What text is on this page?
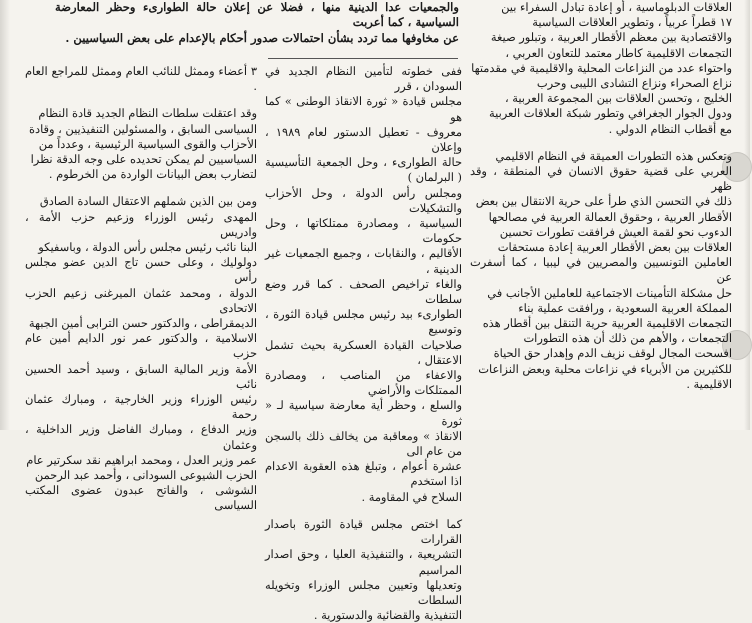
والجمعيات عدا الدينية منها ، فضلا عن إعلان حالة الطوارىء وحظر المعارضة السياسية ، كما أعربت
عن مخاوفها مما تردد بشأن احتمالات صدور أحكام بالإعدام على بعض السياسيين .

العلاقات الدبلوماسية ، أو إعادة تبادل السفراء بين
١٧ قطراً عربياً ، وتطوير العلاقات السياسية
والاقتصادية بين معظم الأقطار العربية ، وتبلور صيغة
التجمعات الاقليمية كاطار معتمد للتعاون العربي ،
واحتواء عدد من النزاعات المحلية والاقليمية في مقدمتها
نزاع الصحراء ونزاع التشادى الليبى وحرب
الخليج ، وتحسن العلاقات بين المجموعة العربية ،
ودول الجوار الجغرافي وتطور شبكة العلاقات العربية
مع أقطاب النظام الدولي .

وتعكس هذه التطورات العميقة في النظام الاقليمي
العربي على قضية حقوق الانسان في المنطقة ، وقد ظهر
ذلك في التحسن الذي طرأ على حرية الانتقال بين بعض
الأقطار العربية ، وحقوق العمالة العربية في مصالحها
الدءوب نحو لقمة العيش فرافقت تطورات تحسين
العلاقات بين بعض الأقطار العربية إعادة مستحقات
العاملين التونسيين والمصريين في ليبيا ، كما أسفرت عن
حل مشكلة التأمينات الاجتماعية للعاملين الأجانب في
المملكة العربية السعودية ، ورافقت عملية بناء
التجمعات الاقليمية العربية حرية التنقل بين أقطار هذه
التجمعات ، والأهم من ذلك أن هذه التطورات
افسحت المجال لوقف نزيف الدم وإهدار حق الحياة
للكثيرين من الأبرياء في نزاعات محلية وبعض النزاعات
الاقليمية .

ففى خطوته لتأمين النظام الجديد في السودان ، قرر
مجلس قيادة « ثورة الانقاذ الوطنى » كما هو
معروف - تعطيل الدستور لعام ١٩٨٩ ، وإعلان
حالة الطوارىء ، وحل الجمعية التأسيسية ( البرلمان )
ومجلس رأس الدولة ، وحل الأحزاب والتشكيلات
السياسية ، ومصادرة ممتلكاتها ، وحل حكومات
الأقاليم ، والنقابات ، وجميع الجمعيات غير الدينية ،
والغاء تراخيص الصحف . كما قرر وضع سلطات
الطوارىء بيد رئيس مجلس قيادة الثورة ، وتوسيع
صلاحيات القيادة العسكرية بحيث تشمل الاعتقال ،
والاعفاء من المناصب ، ومصادرة الممتلكات والأراضي
والسلع ، وحظر أية معارضة سياسية لـ « ثورة
الانقاذ » ومعاقبة من يخالف ذلك بالسجن من عام الى
عشرة أعوام ، وتبلغ هذه العقوبة الاعدام اذا استخدم
السلاح في المقاومة .

كما اختص مجلس قيادة الثورة باصدار القرارات
التشريعية ، والتنفيذية العليا ، وحق اصدار المراسيم
وتعديلها وتعيين مجلس الوزراء وتخويله السلطات
التنفيذية والقضائية والدستورية .

٣ أعضاء وممثل للنائب العام وممثل للمراجع العام .

وقد اعتقلت سلطات النظام الجديد قادة النظام
السياسى السابق ، والمسئولين التنفيذيين ، وقادة
الأحزاب والقوى السياسية الرئيسية ، وعدداً من
السياسيين لم يمكن تحديده على وجه الدقة نظرا
لتضارب بعض البيانات الواردة من الخرطوم .

ومن بين الذين شملهم الاعتقال السادة الصادق
المهدى رئيس الوزراء وزعيم حزب الأمة ، وادريس
البنا نائب رئيس مجلس رأس الدولة ، وباسفيكو
دولوليك ، وعلى حسن تاج الدين عضو مجلس رأس
الدولة ، ومحمد عثمان الميرغنى زعيم الحزب الاتحادى
الديمقراطى ، والدكتور حسن الترابى أمين الجبهة
الاسلامية ، والدكتور عمر نور الدايم أمين عام حزب
الأمة وزير المالية السابق ، وسيد أحمد الحسين نائب
رئيس الوزراء وزير الخارجية ، ومبارك عثمان رحمة
وزير الدفاع ، ومبارك الفاضل وزير الداخلية ، وعثمان
عمر وزير العدل ، ومحمد ابراهيم نقد سكرتير عام
الحزب الشيوعى السودانى ، وأحمد عبد الرحمن
الشوشى ، والفاتح عبدون عضوى المكتب السياسى
